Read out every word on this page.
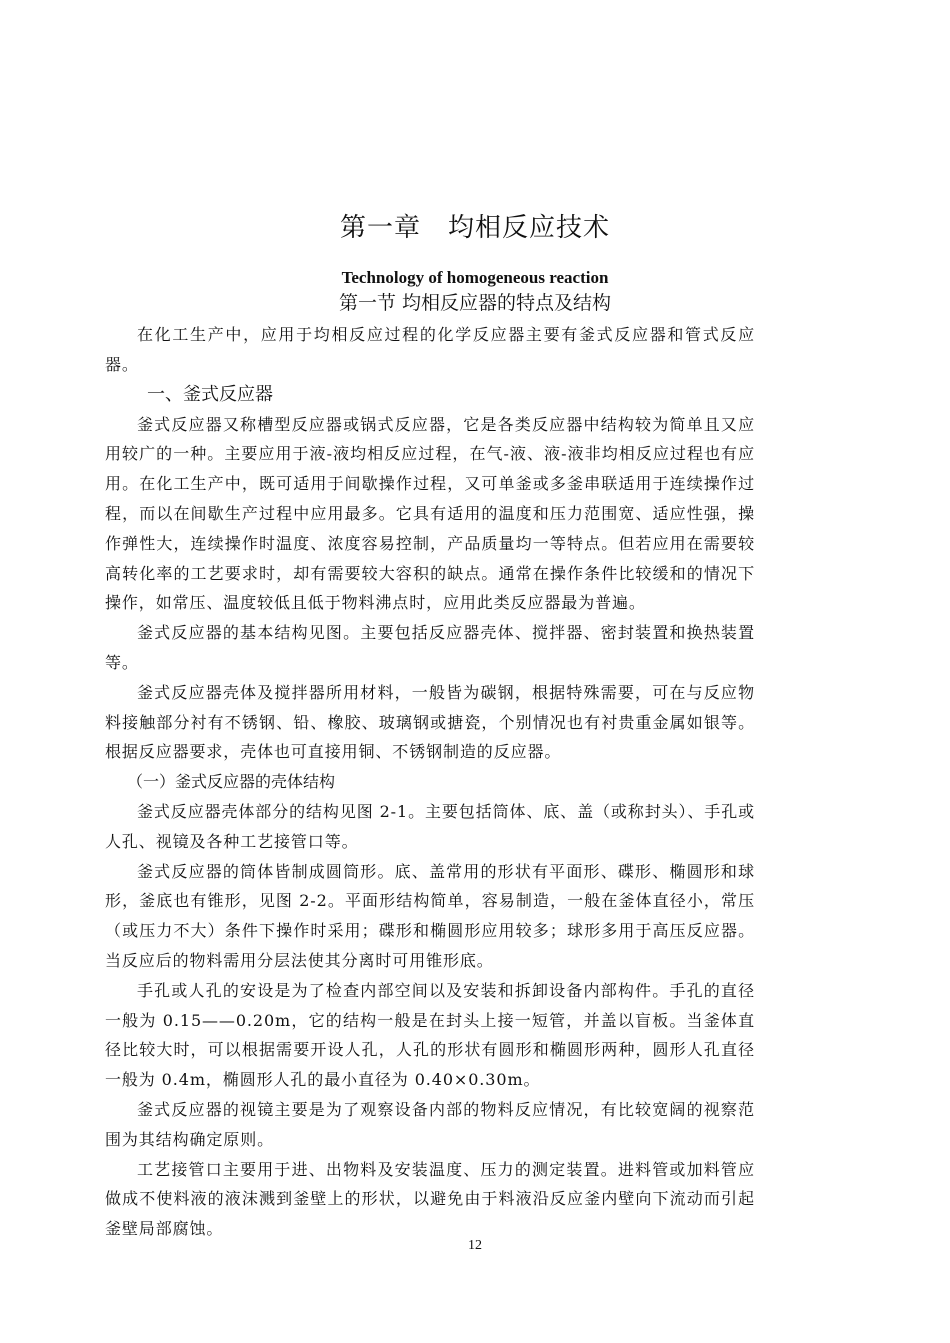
第一章　均相反应技术
Technology of homogeneous reaction
第一节 均相反应器的特点及结构

在化工生产中，应用于均相反应过程的化学反应器主要有釜式反应器和管式反应器。

一、釜式反应器

釜式反应器又称槽型反应器或锅式反应器，它是各类反应器中结构较为简单且又应用较广的一种。主要应用于液-液均相反应过程，在气-液、液-液非均相反应过程也有应用。在化工生产中，既可适用于间歇操作过程，又可单釜或多釜串联适用于连续操作过程，而以在间歇生产过程中应用最多。它具有适用的温度和压力范围宽、适应性强，操作弹性大，连续操作时温度、浓度容易控制，产品质量均一等特点。但若应用在需要较高转化率的工艺要求时，却有需要较大容积的缺点。通常在操作条件比较缓和的情况下操作，如常压、温度较低且低于物料沸点时，应用此类反应器最为普遍。

釜式反应器的基本结构见图。主要包括反应器壳体、搅拌器、密封装置和换热装置等。

釜式反应器壳体及搅拌器所用材料，一般皆为碳钢，根据特殊需要，可在与反应物料接触部分衬有不锈钢、铅、橡胶、玻璃钢或搪瓷，个别情况也有衬贵重金属如银等。根据反应器要求，壳体也可直接用铜、不锈钢制造的反应器。

（一）釜式反应器的壳体结构

釜式反应器壳体部分的结构见图 2-1。主要包括筒体、底、盖（或称封头）、手孔或人孔、视镜及各种工艺接管口等。

釜式反应器的筒体皆制成圆筒形。底、盖常用的形状有平面形、碟形、椭圆形和球形，釜底也有锥形，见图 2-2。平面形结构简单，容易制造，一般在釜体直径小，常压（或压力不大）条件下操作时采用；碟形和椭圆形应用较多；球形多用于高压反应器。当反应后的物料需用分层法使其分离时可用锥形底。

手孔或人孔的安设是为了检查内部空间以及安装和拆卸设备内部构件。手孔的直径一般为 0.15——0.20m，它的结构一般是在封头上接一短管，并盖以盲板。当釜体直径比较大时，可以根据需要开设人孔，人孔的形状有圆形和椭圆形两种，圆形人孔直径一般为 0.4m，椭圆形人孔的最小直径为 0.40×0.30m。

釜式反应器的视镜主要是为了观察设备内部的物料反应情况，有比较宽阔的视察范围为其结构确定原则。

工艺接管口主要用于进、出物料及安装温度、压力的测定装置。进料管或加料管应做成不使料液的液沫溅到釜壁上的形状，以避免由于料液沿反应釜内壁向下流动而引起釜壁局部腐蚀。

12
